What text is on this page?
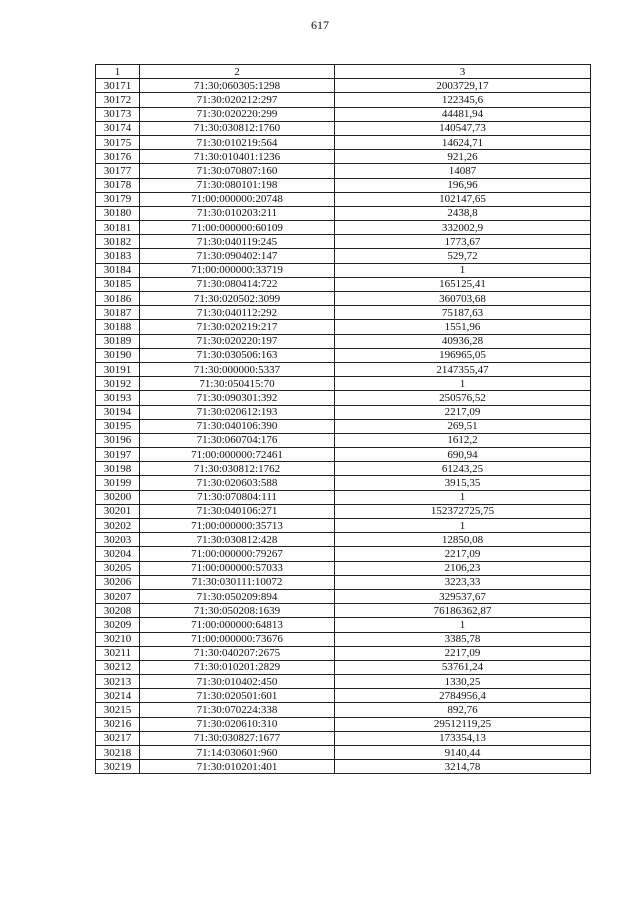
617
1	2	3
30171	71:30:060305:1298	2003729,17
30172	71:30:020212:297	122345,6
30173	71:30:020220:299	44481,94
30174	71:30:030812:1760	140547,73
30175	71:30:010219:564	14624,71
30176	71:30:010401:1236	921,26
30177	71:30:070807:160	14087
30178	71:30:080101:198	196,96
30179	71:00:000000:20748	102147,65
30180	71:30:010203:211	2438,8
30181	71:00:000000:60109	332002,9
30182	71:30:040119:245	1773,67
30183	71:30:090402:147	529,72
30184	71:00:000000:33719	1
30185	71:30:080414:722	165125,41
30186	71:30:020502:3099	360703,68
30187	71:30:040112:292	75187,63
30188	71:30:020219:217	1551,96
30189	71:30:020220:197	40936,28
30190	71:30:030506:163	196965,05
30191	71:30:000000:5337	2147355,47
30192	71:30:050415:70	1
30193	71:30:090301:392	250576,52
30194	71:30:020612:193	2217,09
30195	71:30:040106:390	269,51
30196	71:30:060704:176	1612,2
30197	71:00:000000:72461	690,94
30198	71:30:030812:1762	61243,25
30199	71:30:020603:588	3915,35
30200	71:30:070804:111	1
30201	71:30:040106:271	152372725,75
30202	71:00:000000:35713	1
30203	71:30:030812:428	12850,08
30204	71:00:000000:79267	2217,09
30205	71:00:000000:57033	2106,23
30206	71:30:030111:10072	3223,33
30207	71:30:050209:894	329537,67
30208	71:30:050208:1639	76186362,87
30209	71:00:000000:64813	1
30210	71:00:000000:73676	3385,78
30211	71:30:040207:2675	2217,09
30212	71:30:010201:2829	53761,24
30213	71:30:010402:450	1330,25
30214	71:30:020501:601	2784956,4
30215	71:30:070224:338	892,76
30216	71:30:020610:310	29512119,25
30217	71:30:030827:1677	173354,13
30218	71:14:030601:960	9140,44
30219	71:30:010201:401	3214,78
